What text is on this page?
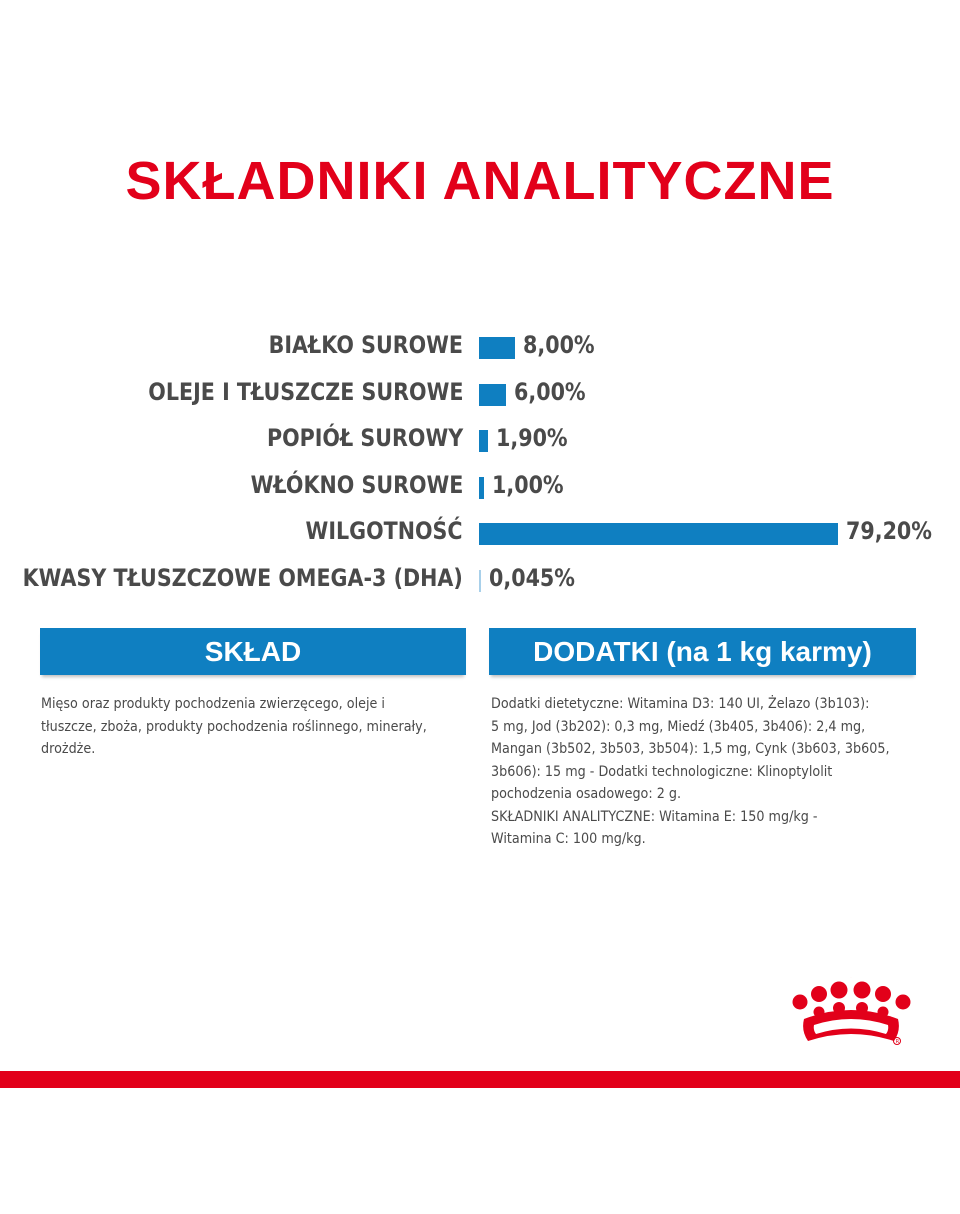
SKŁADNIKI ANALITYCZNE
BIAŁKO SUROWE	8,00%
OLEJE I TŁUSZCZE SUROWE 6,00%
POPIÓŁ SUROWY 1,90%
WŁÓKNO SUROWE 1,00%
WILGOTNOŚĆ	79,20%
KWASY TŁUSZCZOWE OMEGA-3 (DHA) 0,045%
SKŁAD	DODATKI (na 1 kg karmy)
Mięso oraz produkty pochodzenia zwierzęcego, oleje i
tłuszcze, zboża, produkty pochodzenia roślinnego, minerały,
drożdże.
Dodatki dietetyczne: Witamina D3: 140 UI, Żelazo (3b103):
5 mg, Jod (3b202): 0,3 mg, Miedź (3b405, 3b406): 2,4 mg,
Mangan (3b502, 3b503, 3b504): 1,5 mg, Cynk (3b603, 3b605,
3b606): 15 mg - Dodatki technologiczne: Klinoptylolit
pochodzenia osadowego: 2 g.
SKŁADNIKI ANALITYCZNE: Witamina E: 150 mg/kg -
Witamina C: 100 mg/kg.
R
